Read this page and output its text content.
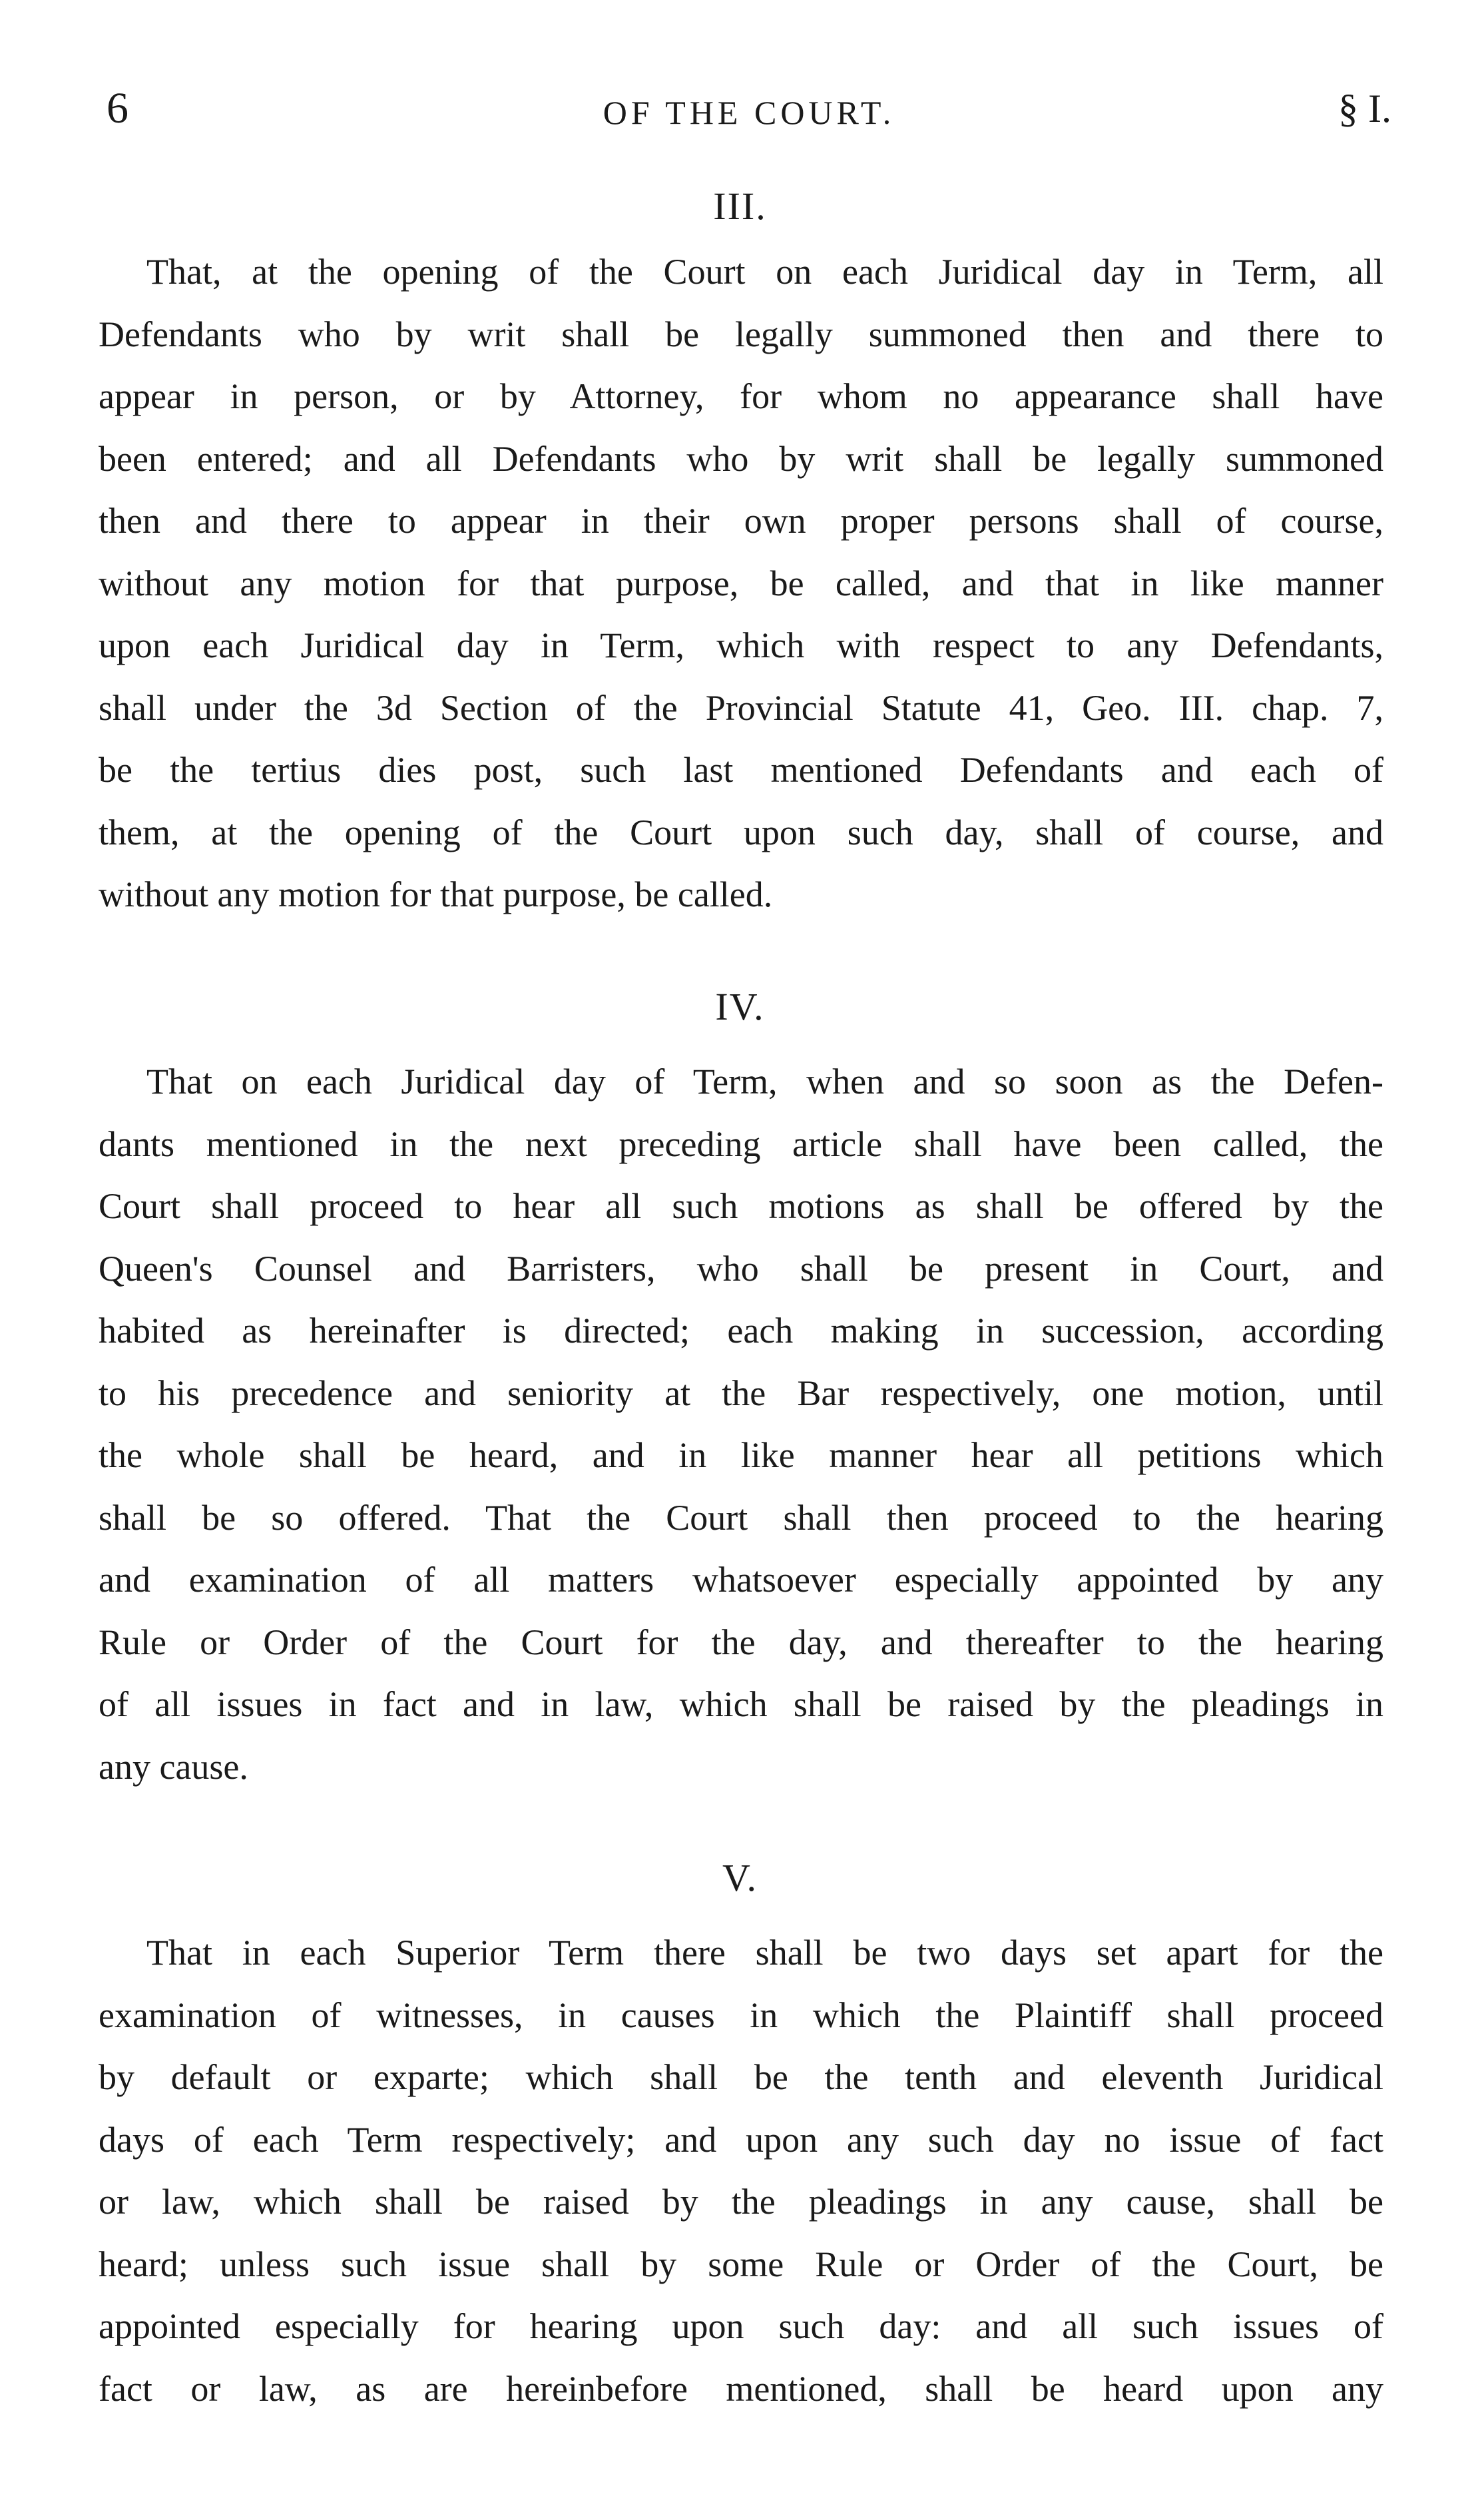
6	OF THE COURT.	§ I.
III.
That, at the opening of the Court on each Juridical day in Term, all
Defendants who by writ shall be legally summoned then and there to
appear in person, or by Attorney, for whom no appearance shall have
been entered; and all Defendants who by writ shall be legally summoned
then and there to appear in their own proper persons shall of course,
without any motion for that purpose, be called, and that in like manner
upon each Juridical day in Term, which with respect to any Defendants,
shall under the 3d Section of the Provincial Statute 41, Geo. III. chap. 7,
be the tertius dies post, such last mentioned Defendants and each of
them, at the opening of the Court upon such day, shall of course, and
without any motion for that purpose, be called.
IV.
That on each Juridical day of Term, when and so soon as the Defen-
dants mentioned in the next preceding article shall have been called, the
Court shall proceed to hear all such motions as shall be offered by the
Queen's Counsel and Barristers, who shall be present in Court, and
habited as hereinafter is directed; each making in succession, according
to his precedence and seniority at the Bar respectively, one motion, until
the whole shall be heard, and in like manner hear all petitions which
shall be so offered. That the Court shall then proceed to the hearing
and examination of all matters whatsoever especially appointed by any
Rule or Order of the Court for the day, and thereafter to the hearing
of all issues in fact and in law, which shall be raised by the pleadings in
any cause.
V.
That in each Superior Term there shall be two days set apart for the
examination of witnesses, in causes in which the Plaintiff shall proceed
by default or exparte; which shall be the tenth and eleventh Juridical
days of each Term respectively; and upon any such day no issue of fact
or law, which shall be raised by the pleadings in any cause, shall be
heard; unless such issue shall by some Rule or Order of the Court, be
appointed especially for hearing upon such day: and all such issues of
fact or law, as are hereinbefore mentioned, shall be heard upon any
